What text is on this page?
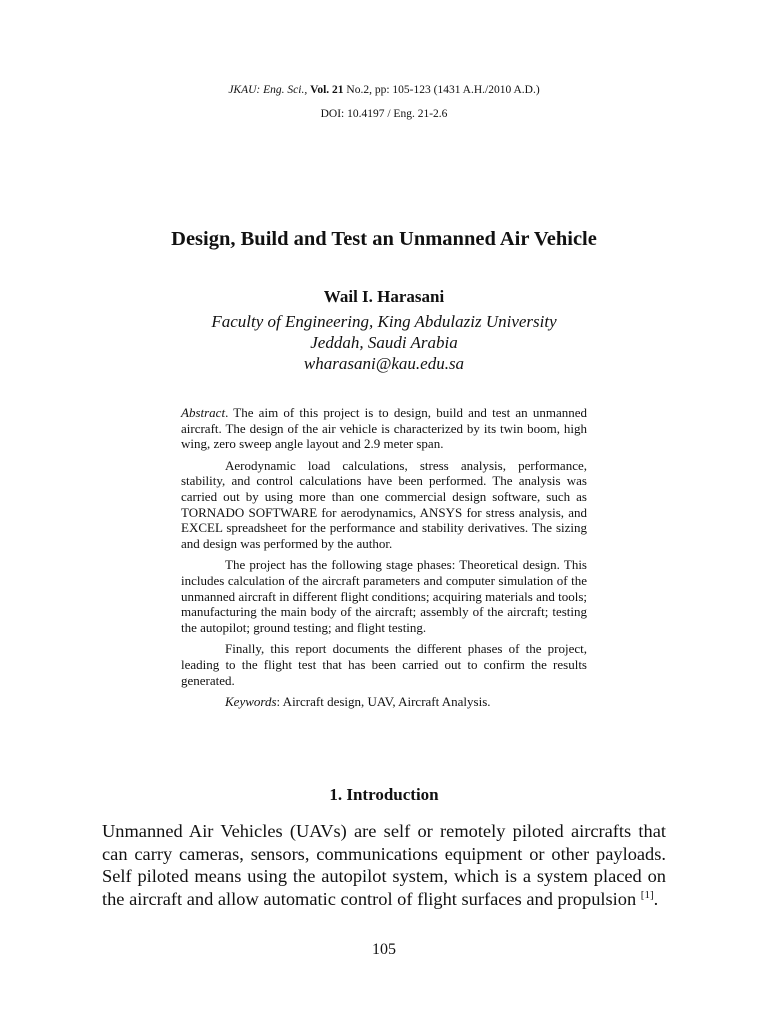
JKAU: Eng. Sci., Vol. 21 No.2, pp: 105-123 (1431 A.H./2010 A.D.)
DOI: 10.4197 / Eng. 21-2.6
Design, Build and Test an Unmanned Air Vehicle
Wail I. Harasani
Faculty of Engineering, King Abdulaziz University
Jeddah, Saudi Arabia
wharasani@kau.edu.sa

Abstract. The aim of this project is to design, build and test an unmanned aircraft. The design of the air vehicle is characterized by its twin boom, high wing, zero sweep angle layout and 2.9 meter span.

Aerodynamic load calculations, stress analysis, performance, stability, and control calculations have been performed. The analysis was carried out by using more than one commercial design software, such as TORNADO SOFTWARE for aerodynamics, ANSYS for stress analysis, and EXCEL spreadsheet for the performance and stability derivatives. The sizing and design was performed by the author.

The project has the following stage phases: Theoretical design. This includes calculation of the aircraft parameters and computer simulation of the unmanned aircraft in different flight conditions; acquiring materials and tools; manufacturing the main body of the aircraft; assembly of the aircraft; testing the autopilot; ground testing; and flight testing.

Finally, this report documents the different phases of the project, leading to the flight test that has been carried out to confirm the results generated.

Keywords: Aircraft design, UAV, Aircraft Analysis.

1. Introduction

Unmanned Air Vehicles (UAVs) are self or remotely piloted aircrafts that can carry cameras, sensors, communications equipment or other payloads. Self piloted means using the autopilot system, which is a system placed on the aircraft and allow automatic control of flight surfaces and propulsion [1].

105
